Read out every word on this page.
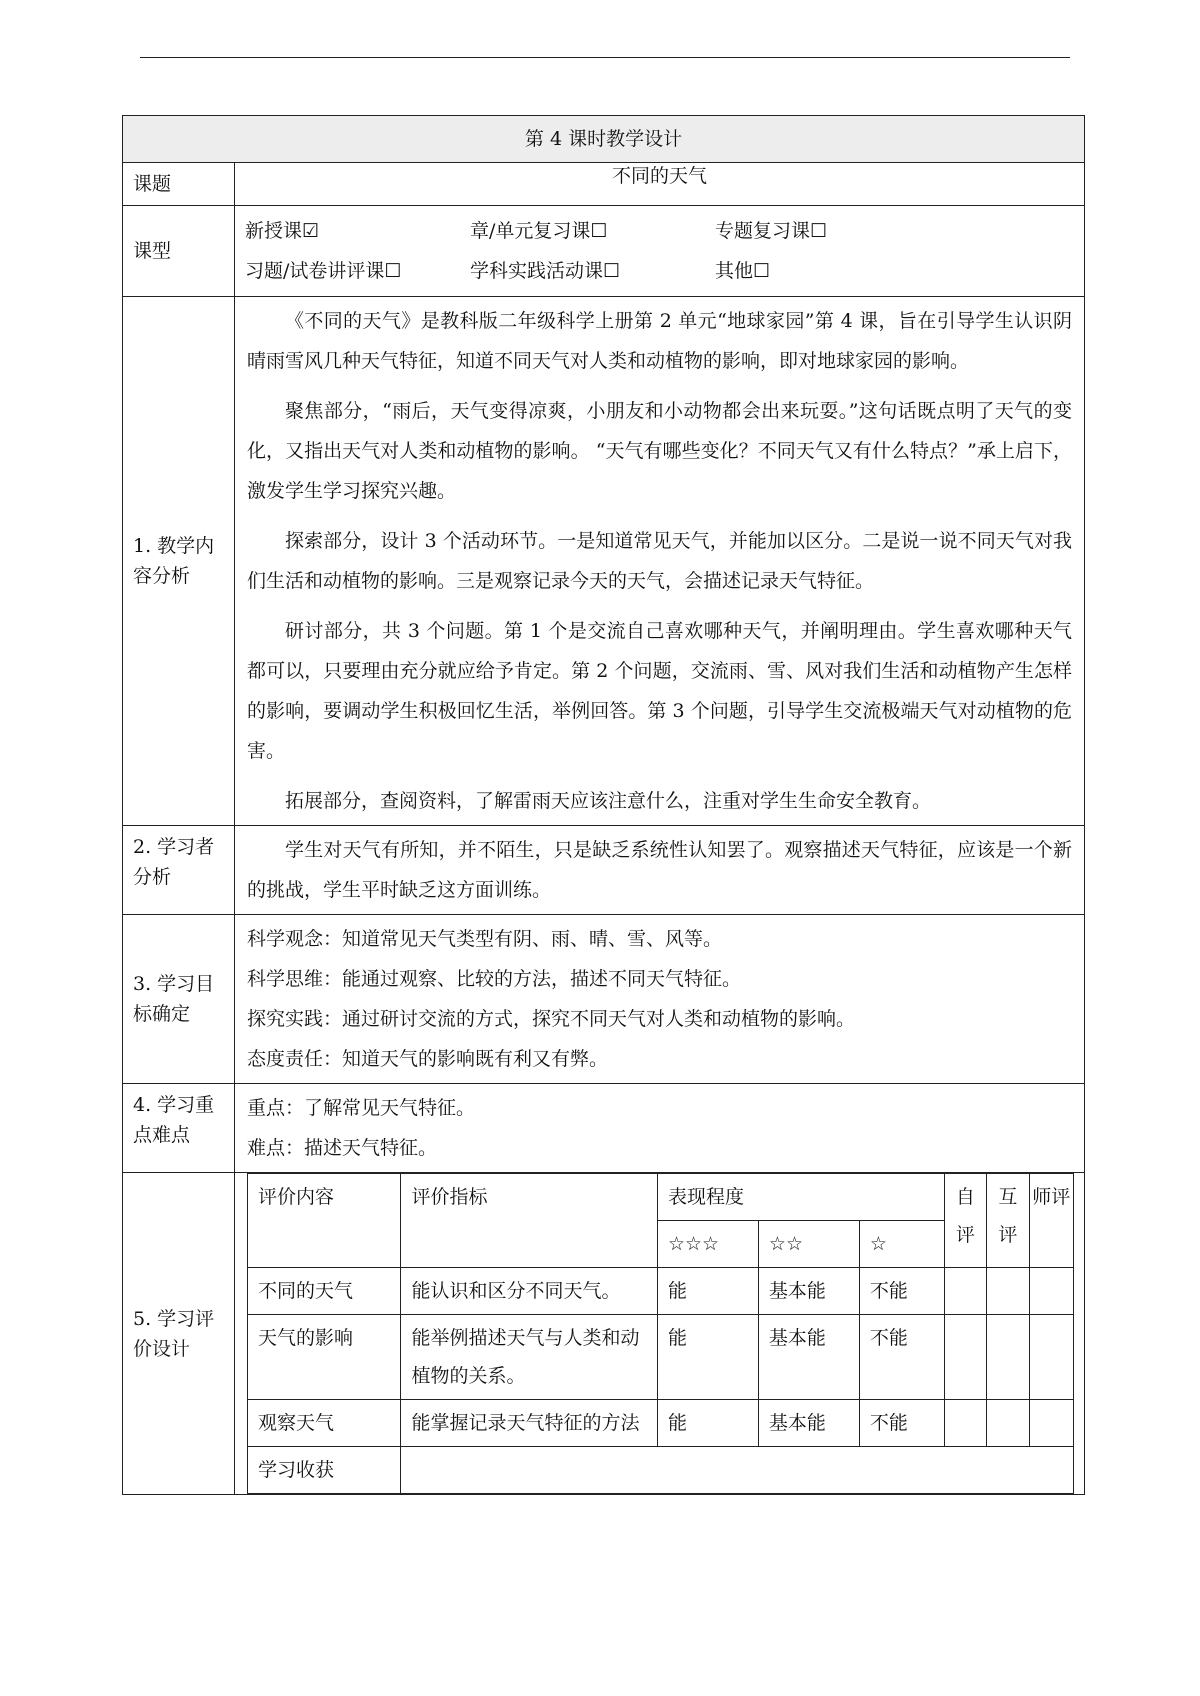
第 4 课时教学设计
课题	不同的天气
课型	
新授课☑	章/单元复习课☐	专题复习课☐
习题/试卷讲评课☐	学科实践活动课☐	其他☐

1. 教学内容分析	

《不同的天气》是教科版二年级科学上册第 2 单元“地球家园”第 4 课，旨在引导学生认识阴晴雨雪风几种天气特征，知道不同天气对人类和动植物的影响，即对地球家园的影响。

聚焦部分，“雨后，天气变得凉爽，小朋友和小动物都会出来玩耍。”这句话既点明了天气的变化，又指出天气对人类和动植物的影响。 “天气有哪些变化？不同天气又有什么特点？”承上启下，激发学生学习探究兴趣。

探索部分，设计 3 个活动环节。一是知道常见天气，并能加以区分。二是说一说不同天气对我们生活和动植物的影响。三是观察记录今天的天气，会描述记录天气特征。

研讨部分，共 3 个问题。第 1 个是交流自己喜欢哪种天气，并阐明理由。学生喜欢哪种天气都可以，只要理由充分就应给予肯定。第 2 个问题，交流雨、雪、风对我们生活和动植物产生怎样的影响，要调动学生积极回忆生活，举例回答。第 3 个问题，引导学生交流极端天气对动植物的危害。

拓展部分，查阅资料，了解雷雨天应该注意什么，注重对学生生命安全教育。

2. 学习者分析	

学生对天气有所知，并不陌生，只是缺乏系统性认知罢了。观察描述天气特征，应该是一个新的挑战，学生平时缺乏这方面训练。

3. 学习目标确定	

科学观念：知道常见天气类型有阴、雨、晴、雪、风等。

科学思维：能通过观察、比较的方法，描述不同天气特征。

探究实践：通过研讨交流的方式，探究不同天气对人类和动植物的影响。

态度责任：知道天气的影响既有利又有弊。

4. 学习重点难点	

重点：了解常见天气特征。

难点：描述天气特征。

5. 学习评价设计	
评价内容	评价指标	表现程度	自评	互评	师评
☆☆☆	☆☆	☆
不同的天气	能认识和区分不同天气。	能	基本能	不能			
天气的影响	能举例描述天气与人类和动植物的关系。	能	基本能	不能			
观察天气	能掌握记录天气特征的方法	能	基本能	不能			
学习收获	
